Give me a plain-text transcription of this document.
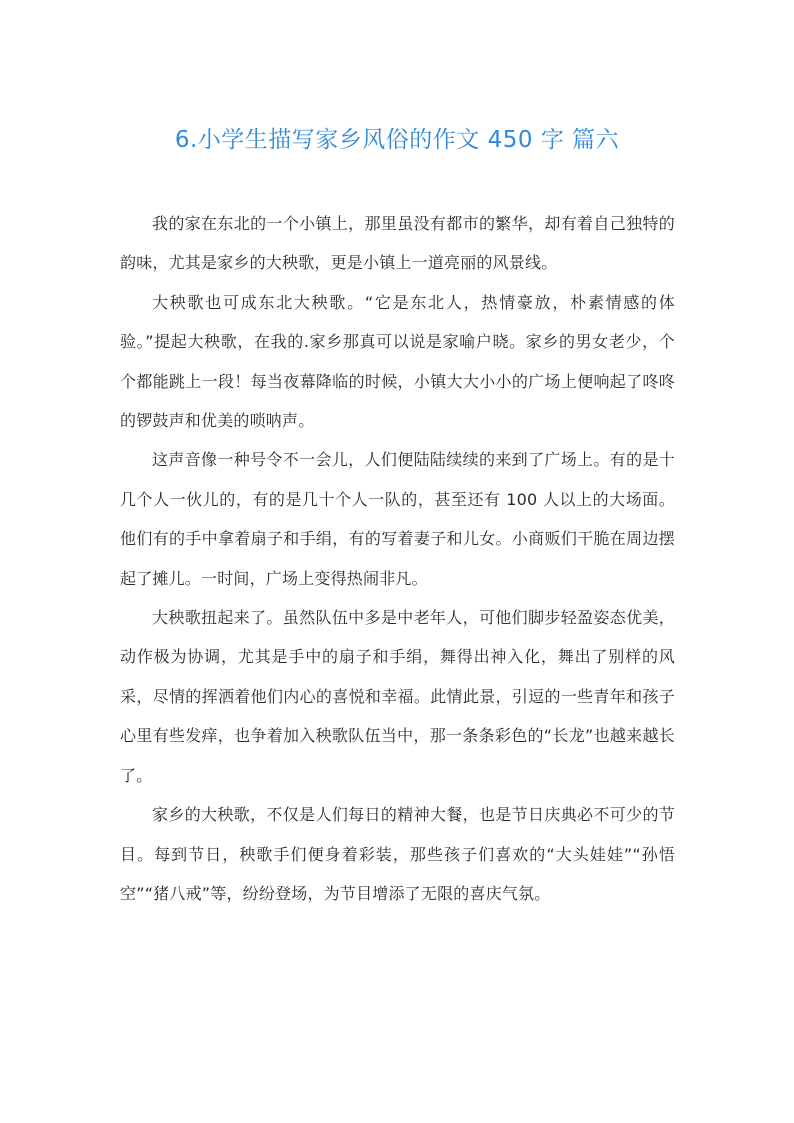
6.小学生描写家乡风俗的作文 450 字 篇六

我的家在东北的一个小镇上，那里虽没有都市的繁华，却有着自己独特的韵味，尤其是家乡的大秧歌，更是小镇上一道亮丽的风景线。

大秧歌也可成东北大秧歌。“它是东北人，热情豪放，朴素情感的体验。”提起大秧歌，在我的.家乡那真可以说是家喻户晓。家乡的男女老少，个个都能跳上一段！每当夜幕降临的时候，小镇大大小小的广场上便响起了咚咚的锣鼓声和优美的唢呐声。

这声音像一种号令不一会儿，人们便陆陆续续的来到了广场上。有的是十几个人一伙儿的，有的是几十个人一队的，甚至还有 100 人以上的大场面。他们有的手中拿着扇子和手绢，有的写着妻子和儿女。小商贩们干脆在周边摆起了摊儿。一时间，广场上变得热闹非凡。

大秧歌扭起来了。虽然队伍中多是中老年人，可他们脚步轻盈姿态优美，动作极为协调，尤其是手中的扇子和手绢，舞得出神入化，舞出了别样的风采，尽情的挥洒着他们内心的喜悦和幸福。此情此景，引逗的一些青年和孩子心里有些发痒，也争着加入秧歌队伍当中，那一条条彩色的“长龙”也越来越长了。

家乡的大秧歌，不仅是人们每日的精神大餐，也是节日庆典必不可少的节目。每到节日，秧歌手们便身着彩装，那些孩子们喜欢的“大头娃娃”“孙悟空”“猪八戒”等，纷纷登场，为节目增添了无限的喜庆气氛。
